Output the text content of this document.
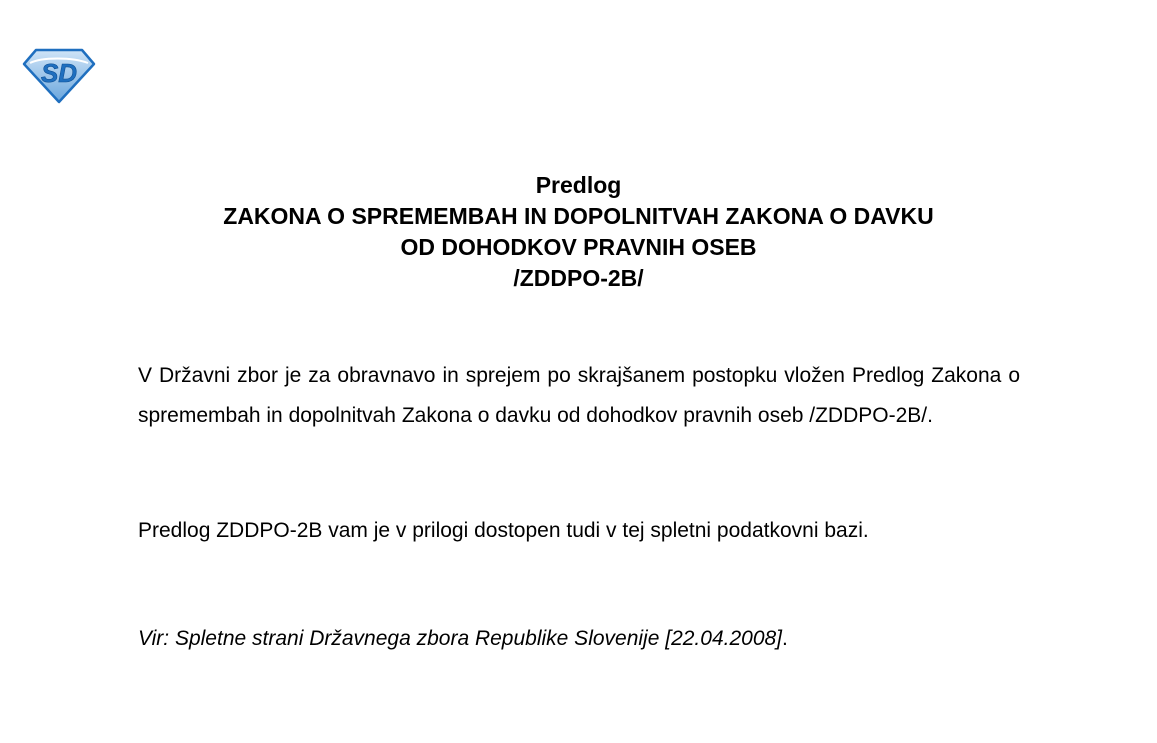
SD
Predlog
ZAKONA O SPREMEMBAH IN DOPOLNITVAH ZAKONA O DAVKU
OD DOHODKOV PRAVNIH OSEB
/ZDDPO-2B/
V Državni zbor je za obravnavo in sprejem po skrajšanem postopku vložen Predlog Zakona o spremembah in dopolnitvah Zakona o davku od dohodkov pravnih oseb /ZDDPO-2B/.
Predlog ZDDPO-2B vam je v prilogi dostopen tudi v tej spletni podatkovni bazi.
Vir: Spletne strani Državnega zbora Republike Slovenije [22.04.2008].
